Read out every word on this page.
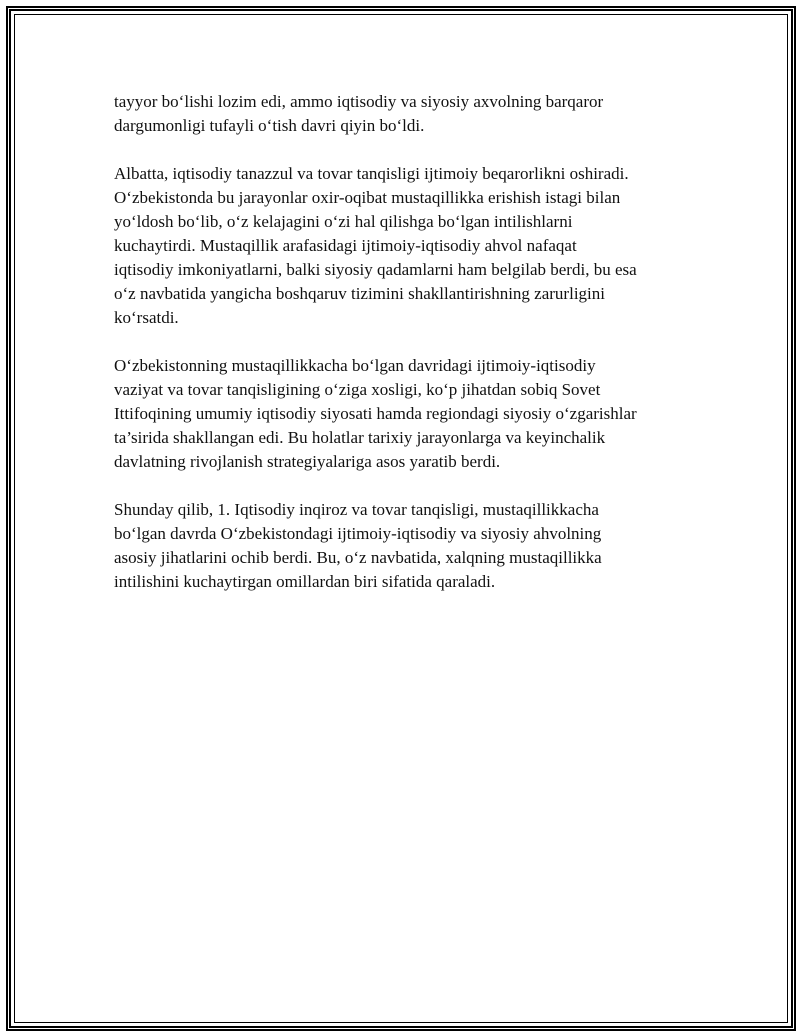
tayyor bo‘lishi lozim edi, ammo iqtisodiy va siyosiy axvolning barqaror
dargumonligi tufayli o‘tish davri qiyin bo‘ldi.

Albatta, iqtisodiy tanazzul va tovar tanqisligi ijtimoiy beqarorlikni oshiradi.
O‘zbekistonda bu jarayonlar oxir-oqibat mustaqillikka erishish istagi bilan
yo‘ldosh bo‘lib, o‘z kelajagini o‘zi hal qilishga bo‘lgan intilishlarni
kuchaytirdi. Mustaqillik arafasidagi ijtimoiy-iqtisodiy ahvol nafaqat
iqtisodiy imkoniyatlarni, balki siyosiy qadamlarni ham belgilab berdi, bu esa
o‘z navbatida yangicha boshqaruv tizimini shakllantirishning zarurligini
ko‘rsatdi.

O‘zbekistonning mustaqillikkacha bo‘lgan davridagi ijtimoiy-iqtisodiy
vaziyat va tovar tanqisligining o‘ziga xosligi, ko‘p jihatdan sobiq Sovet
Ittifoqining umumiy iqtisodiy siyosati hamda regiondagi siyosiy o‘zgarishlar
ta’sirida shakllangan edi. Bu holatlar tarixiy jarayonlarga va keyinchalik
davlatning rivojlanish strategiyalariga asos yaratib berdi.

Shunday qilib, 1. Iqtisodiy inqiroz va tovar tanqisligi, mustaqillikkacha
bo‘lgan davrda O‘zbekistondagi ijtimoiy-iqtisodiy va siyosiy ahvolning
asosiy jihatlarini ochib berdi. Bu, o‘z navbatida, xalqning mustaqillikka
intilishini kuchaytirgan omillardan biri sifatida qaraladi.
